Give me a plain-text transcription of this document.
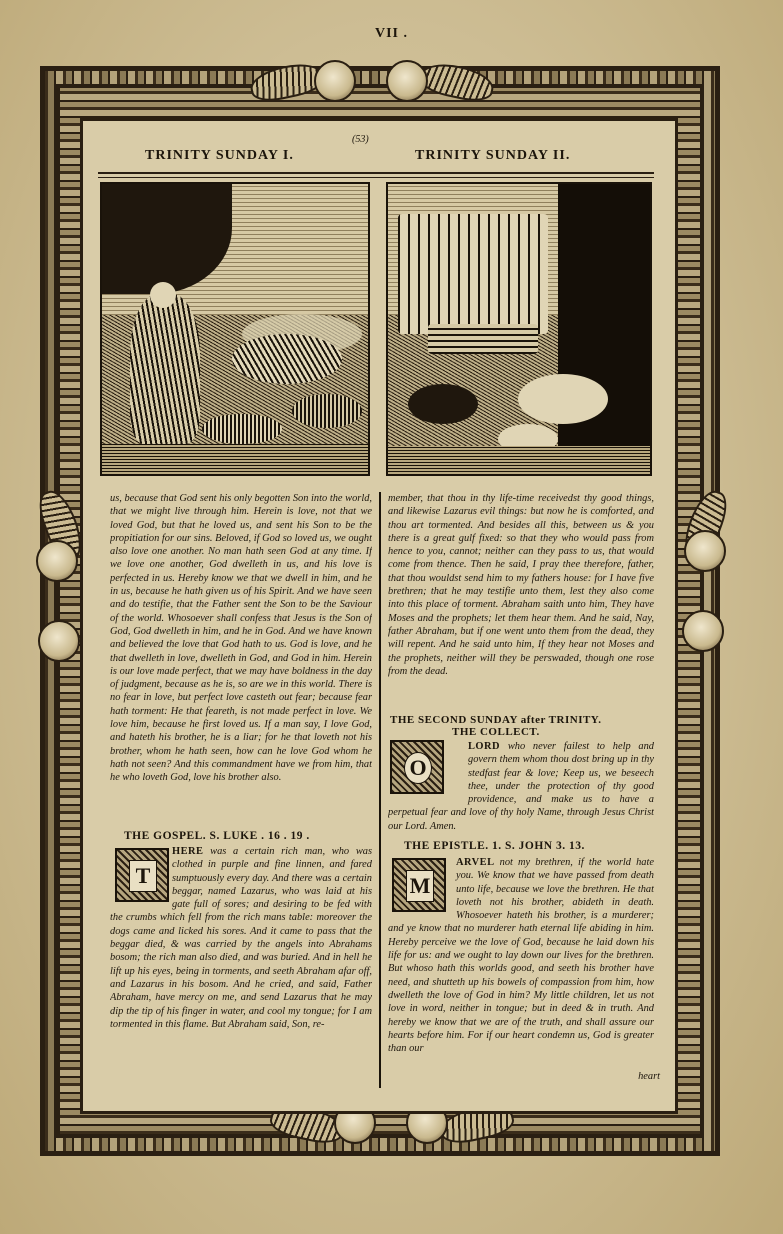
VII .
(53)
TRINITY SUNDAY I.	TRINITY SUNDAY II.
us, because that God sent his only begotten Son into the world, that we might live through him. Herein is love, not that we loved God, but that he loved us, and sent his Son to be the propitiation for our sins. Beloved, if God so loved us, we ought also love one another. No man hath seen God at any time. If we love one another, God dwelleth in us, and his love is perfected in us. Hereby know we that we dwell in him, and he in us, because he hath given us of his Spirit. And we have seen and do testifie, that the Father sent the Son to be the Saviour of the world. Whosoever shall confess that Jesus is the Son of God, God dwelleth in him, and he in God. And we have known and believed the love that God hath to us. God is love, and he that dwelleth in love, dwelleth in God, and God in him. Herein is our love made perfect, that we may have boldness in the day of judgment, because as he is, so are we in this world. There is no fear in love, but perfect love casteth out fear; because fear hath torment: He that feareth, is not made perfect in love. We love him, because he first loved us. If a man say, I love God, and hateth his brother, he is a liar; for he that loveth not his brother, whom he hath seen, how can he love God whom he hath not seen? And this commandment have we from him, that he who loveth God, love his brother also.
THE GOSPEL. S. LUKE . 16 . 19 .
T

HERE was a certain rich man, who was clothed in purple and fine linnen, and fared sumptuously every day. And there was a certain beggar, named Lazarus, who was laid at his gate full of sores; and desiring to be fed with the crumbs which fell from the rich mans table: moreover the dogs came and licked his sores. And it came to pass that the beggar died, & was carried by the angels into Abrahams bosom; the rich man also died, and was buried. And in hell he lift up his eyes, being in torments, and seeth Abraham afar off, and Lazarus in his bosom. And he cried, and said, Father Abraham, have mercy on me, and send Lazarus that he may dip the tip of his finger in water, and cool my tongue; for I am tormented in this flame. But Abraham said, Son, re-

member, that thou in thy life-time receivedst thy good things, and likewise Lazarus evil things: but now he is comforted, and thou art tormented. And besides all this, between us & you there is a great gulf fixed: so that they who would pass from hence to you, cannot; neither can they pass to us, that would come from thence. Then he said, I pray thee therefore, father, that thou wouldst send him to my fathers house: for I have five brethren; that he may testifie unto them, lest they also come into this place of torment. Abraham saith unto him, They have Moses and the prophets; let them hear them. And he said, Nay, father Abraham, but if one went unto them from the dead, they will repent. And he said unto him, If they hear not Moses and the prophets, neither will they be perswaded, though one rose from the dead.
THE SECOND SUNDAY after TRINITY.
THE COLLECT.
O

LORD who never failest to help and govern them whom thou dost bring up in thy stedfast fear & love; Keep us, we beseech thee, under the protection of thy good providence, and make us to have a perpetual fear and love of thy holy Name, through Jesus Christ our Lord. Amen.

THE EPISTLE. 1. S. JOHN 3. 13.
M

ARVEL not my brethren, if the world hate you. We know that we have passed from death unto life, because we love the brethren. He that loveth not his brother, abideth in death. Whosoever hateth his brother, is a murderer; and ye know that no murderer hath eternal life abiding in him. Hereby perceive we the love of God, because he laid down his life for us: and we ought to lay down our lives for the brethren. But whoso hath this worlds good, and seeth his brother have need, and shutteth up his bowels of compassion from him, how dwelleth the love of God in him? My little children, let us not love in word, neither in tongue; but in deed & in truth. And hereby we know that we are of the truth, and shall assure our hearts before him. For if our heart condemn us, God is greater than our

heart
